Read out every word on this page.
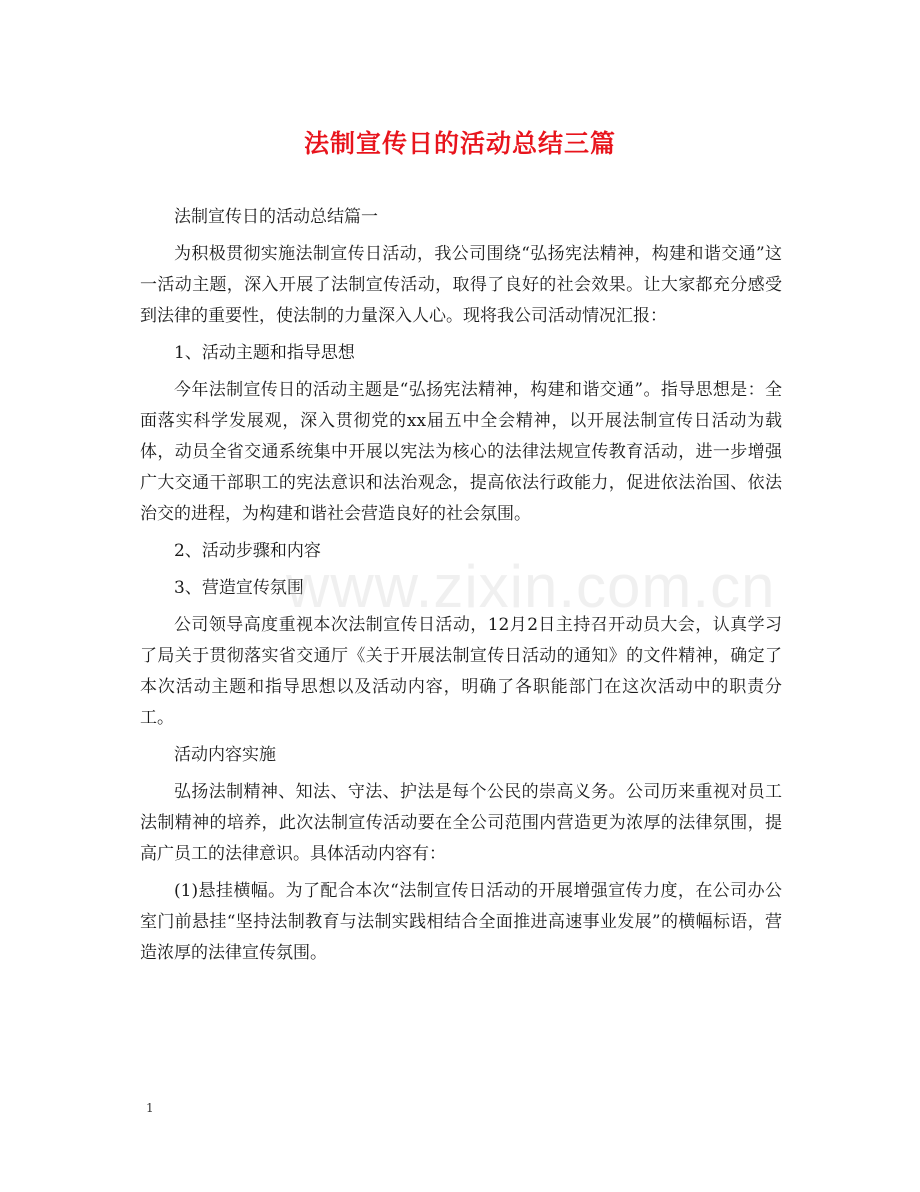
法制宣传日的活动总结三篇

法制宣传日的活动总结篇一

为积极贯彻实施法制宣传日活动，我公司围绕“弘扬宪法精神，构建和谐交通”这一活动主题，深入开展了法制宣传活动，取得了良好的社会效果。让大家都充分感受到法律的重要性，使法制的力量深入人心。现将我公司活动情况汇报：

1、活动主题和指导思想

今年法制宣传日的活动主题是“弘扬宪法精神，构建和谐交通”。指导思想是：全面落实科学发展观，深入贯彻党的xx届五中全会精神，以开展法制宣传日活动为载体，动员全省交通系统集中开展以宪法为核心的法律法规宣传教育活动，进一步增强广大交通干部职工的宪法意识和法治观念，提高依法行政能力，促进依法治国、依法治交的进程，为构建和谐社会营造良好的社会氛围。

2、活动步骤和内容

3、营造宣传氛围

公司领导高度重视本次法制宣传日活动，12月2日主持召开动员大会，认真学习了局关于贯彻落实省交通厅《关于开展法制宣传日活动的通知》的文件精神，确定了本次活动主题和指导思想以及活动内容，明确了各职能部门在这次活动中的职责分工。

活动内容实施

弘扬法制精神、知法、守法、护法是每个公民的崇高义务。公司历来重视对员工法制精神的培养，此次法制宣传活动要在全公司范围内营造更为浓厚的法律氛围，提高广员工的法律意识。具体活动内容有：

(1)悬挂横幅。为了配合本次“法制宣传日活动的开展增强宣传力度，在公司办公室门前悬挂“坚持法制教育与法制实践相结合全面推进高速事业发展”的横幅标语，营造浓厚的法律宣传氛围。

www.zixin.com.cn
1
